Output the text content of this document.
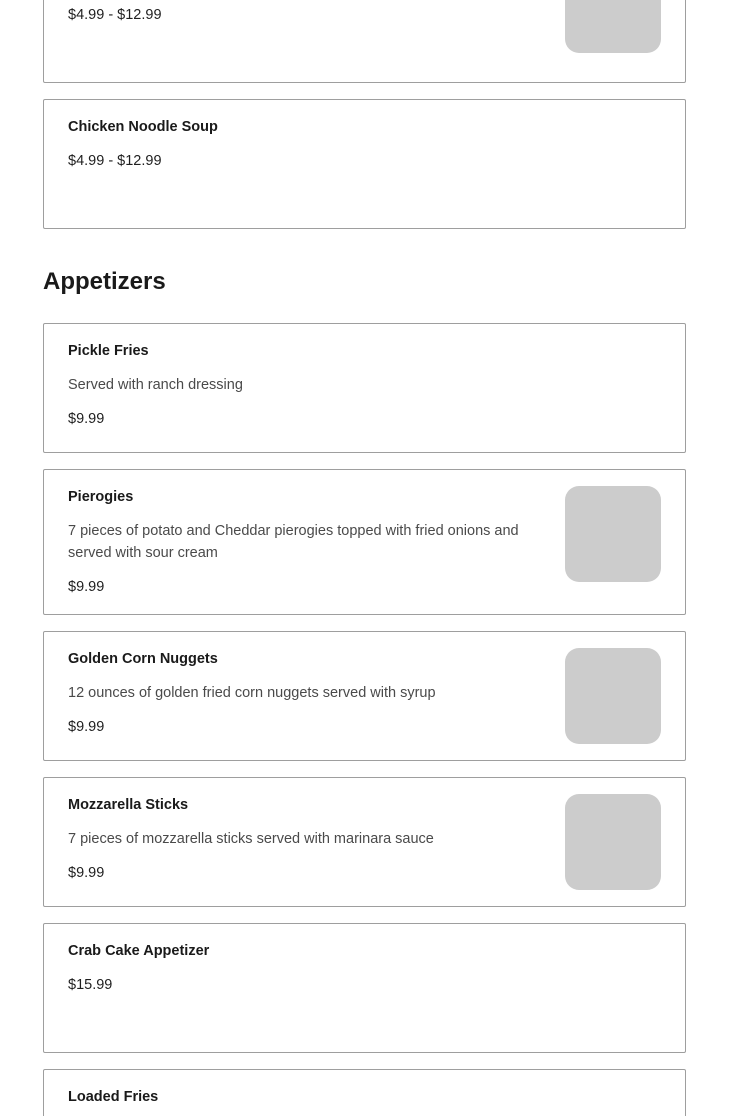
$4.99 - $12.99
Chicken Noodle Soup
$4.99 - $12.99
Appetizers
Pickle Fries
Served with ranch dressing
$9.99
Pierogies
7 pieces of potato and Cheddar pierogies topped with fried onions and served with sour cream
$9.99
Golden Corn Nuggets
12 ounces of golden fried corn nuggets served with syrup
$9.99
Mozzarella Sticks
7 pieces of mozzarella sticks served with marinara sauce
$9.99
Crab Cake Appetizer
$15.99
Loaded Fries
